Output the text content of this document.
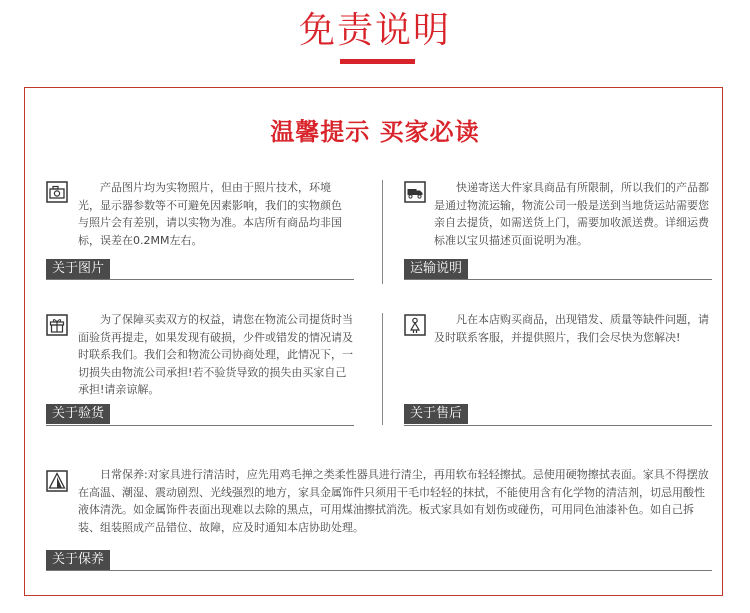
免责说明
温馨提示 买家必读

产品图片均为实物照片，但由于照片技术，环境光，显示器参数等不可避免因素影响，我们的实物颜色与照片会有差别，请以实物为准。本店所有商品均非国标，误差在0.2MM左右。

关于图片

快递寄送大件家具商品有所限制，所以我们的产品都是通过物流运输，物流公司一般是送到当地货运站需要您亲自去提货，如需送货上门，需要加收派送费。详细运费标准以宝贝描述页面说明为准。

运输说明

为了保障买卖双方的权益，请您在物流公司提货时当面验货再提走，如果发现有破损，少件或错发的情况请及时联系我们。我们会和物流公司协商处理，此情况下，一切损失由物流公司承担!若不验货导致的损失由买家自己承担!请亲谅解。

关于验货

凡在本店购买商品，出现错发、质量等缺件问题，请及时联系客服，并提供照片，我们会尽快为您解决!

关于售后

日常保养:对家具进行清洁时，应先用鸡毛掸之类柔性器具进行清尘，再用软布轻轻擦拭。忌使用硬物擦拭表面。家具不得摆放在高温、潮湿、震动剧烈、光线强烈的地方，家具金属饰件只须用干毛巾轻轻的抹拭，不能使用含有化学物的清洁剂，切忌用酸性液体清洗。如金属饰件表面出现难以去除的黑点，可用煤油擦拭消洗。板式家具如有划伤或碰伤，可用同色油漆补色。如自己拆装、组装照成产品错位、故障，应及时通知本店协助处理。

关于保养
